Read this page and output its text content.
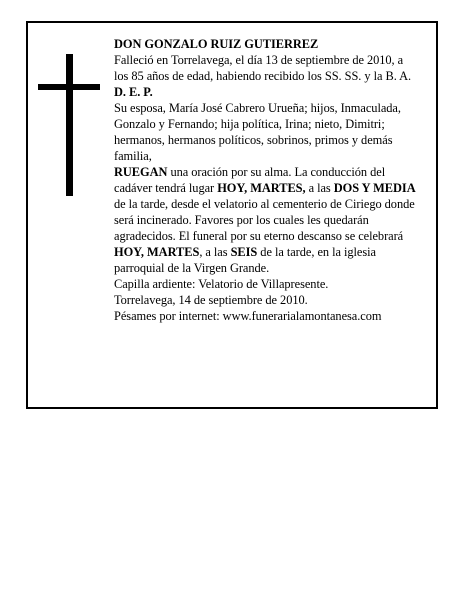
DON GONZALO RUIZ GUTIERREZ

Falleció en Torrelavega, el día 13 de septiembre de 2010, a los 85 años de edad, habiendo recibido los SS. SS. y la B. A.

D. E. P.

Su esposa, María José Cabrero Urueña; hijos, Inmaculada, Gonzalo y Fernando; hija política, Irina; nieto, Dimitri; hermanos, hermanos políticos, sobrinos, primos y demás familia,

RUEGAN una oración por su alma. La conducción del cadáver tendrá lugar HOY, MARTES, a las DOS Y MEDIA de la tarde, desde el velatorio al cementerio de Ciriego donde será incinerado. Favores por los cuales les quedarán agradecidos. El funeral por su eterno descanso se celebrará HOY, MARTES, a las SEIS de la tarde, en la iglesia parroquial de la Virgen Grande.

Capilla ardiente: Velatorio de Villapresente.

Torrelavega, 14 de septiembre de 2010.

Pésames por internet: www.funerarialamontanesa.com
